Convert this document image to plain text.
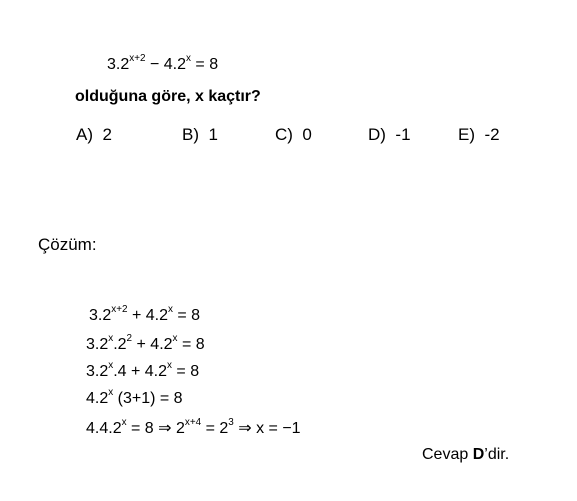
$3.2^{x+2} - 4.2^x = 8$
olduğuna göre, x kaçtır?
A) 2	B) 1	C) 0	D) -1	E) -2
Çözüm:
$3.2^{x+2} + 4.2^x = 8$
$3.2^x.2^2 + 4.2^x = 8$
$3.2^x.4 + 4.2^x = 8$
4.2$^x$ (3+1) = 8
$4.4.2^x = 8$ ⇒ $2^{x+4} = 2^3$ ⇒ x = −1
Cevap D’dir.
